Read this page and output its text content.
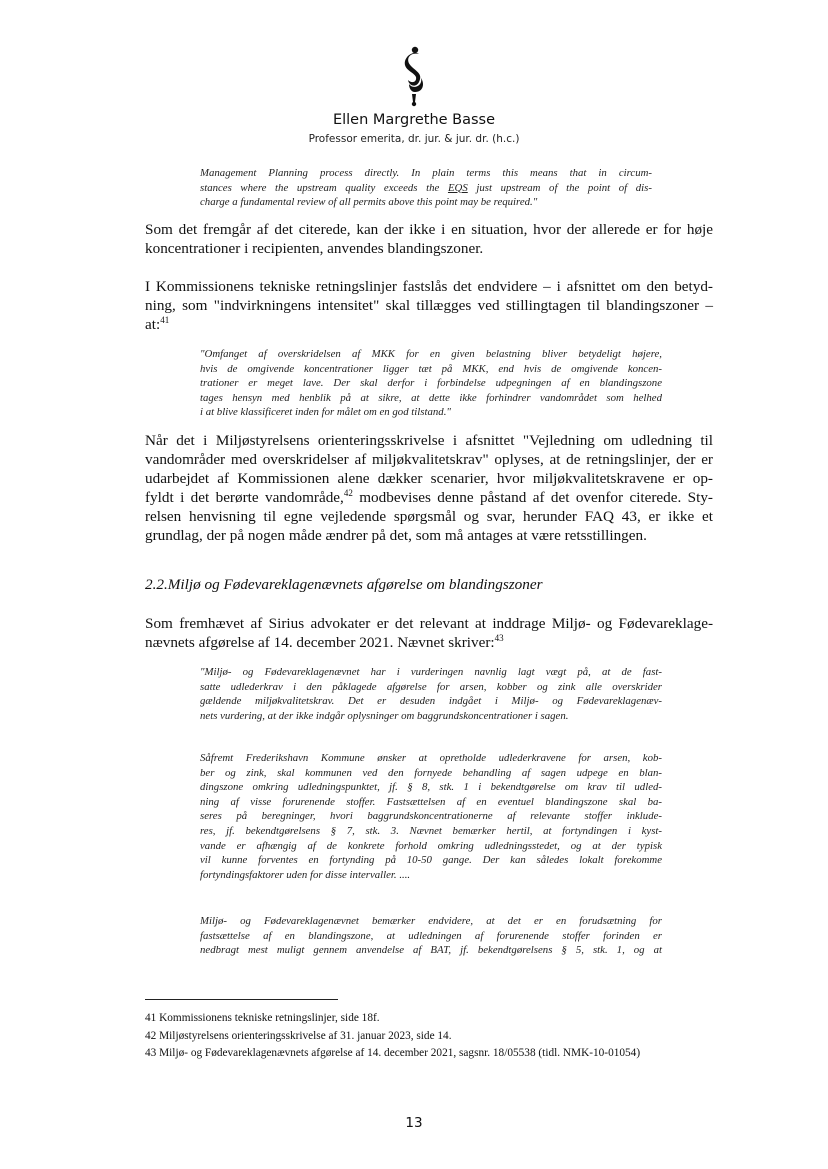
Ellen Margrethe Basse
Professor emerita, dr. jur. & jur. dr. (h.c.)
Management Planning process directly. In plain terms this means that in circum-
stances where the upstream quality exceeds the EQS just upstream of the point of dis-
charge a fundamental review of all permits above this point may be required."
Som det fremgår af det citerede, kan der ikke i en situation, hvor der allerede er for høje
koncentrationer i recipienten, anvendes blandingszoner.
I Kommissionens tekniske retningslinjer fastslås det endvidere – i afsnittet om den betyd-
ning, som "indvirkningens intensitet" skal tillægges ved stillingtagen til blandingszoner –
at:$^{41}$
"Omfanget af overskridelsen af MKK for en given belastning bliver betydeligt højere,
hvis de omgivende koncentrationer ligger tæt på MKK, end hvis de omgivende koncen-
trationer er meget lave. Der skal derfor i forbindelse udpegningen af en blandingszone
tages hensyn med henblik på at sikre, at dette ikke forhindrer vandområdet som helhed
i at blive klassificeret inden for målet om en god tilstand."
Når det i Miljøstyrelsens orienteringsskrivelse i afsnittet "Vejledning om udledning til
vandområder med overskridelser af miljøkvalitetskrav" oplyses, at de retningslinjer, der er
udarbejdet af Kommissionen alene dækker scenarier, hvor miljøkvalitetskravene er op-
fyldt i det berørte vandområde,$^{42}$ modbevises denne påstand af det ovenfor citerede. Sty-
relsen henvisning til egne vejledende spørgsmål og svar, herunder FAQ 43, er ikke et
grundlag, der på nogen måde ændrer på det, som må antages at være retsstillingen.
2.2.Miljø og Fødevareklagenævnets afgørelse om blandingszoner
Som fremhævet af Sirius advokater er det relevant at inddrage Miljø- og Fødevareklage-
nævnets afgørelse af 14. december 2021. Nævnet skriver:$^{43}$
"Miljø- og Fødevareklagenævnet har i vurderingen navnlig lagt vægt på, at de fast-
satte udlederkrav i den påklagede afgørelse for arsen, kobber og zink alle overskrider
gældende miljøkvalitetskrav. Det er desuden indgået i Miljø- og Fødevareklagenæv-
nets vurdering, at der ikke indgår oplysninger om baggrundskoncentrationer i sagen.
Såfremt Frederikshavn Kommune ønsker at opretholde udlederkravene for arsen, kob-
ber og zink, skal kommunen ved den fornyede behandling af sagen udpege en blan-
dingszone omkring udledningspunktet, jf. § 8, stk. 1 i bekendtgørelse om krav til udled-
ning af visse forurenende stoffer. Fastsættelsen af en eventuel blandingszone skal ba-
seres på beregninger, hvori baggrundskoncentrationerne af relevante stoffer inklude-
res, jf. bekendtgørelsens § 7, stk. 3. Nævnet bemærker hertil, at fortyndingen i kyst-
vande er afhængig af de konkrete forhold omkring udledningsstedet, og at der typisk
vil kunne forventes en fortynding på 10-50 gange. Der kan således lokalt forekomme
fortyndingsfaktorer uden for disse intervaller. ....
Miljø- og Fødevareklagenævnet bemærker endvidere, at det er en forudsætning for
fastsættelse af en blandingszone, at udledningen af forurenende stoffer forinden er
nedbragt mest muligt gennem anvendelse af BAT, jf. bekendtgørelsens § 5, stk. 1, og at
41 Kommissionens tekniske retningslinjer, side 18f.
42 Miljøstyrelsens orienteringsskrivelse af 31. januar 2023, side 14.
43 Miljø- og Fødevareklagenævnets afgørelse af 14. december 2021, sagsnr. 18/05538 (tidl. NMK-10-01054)
13
